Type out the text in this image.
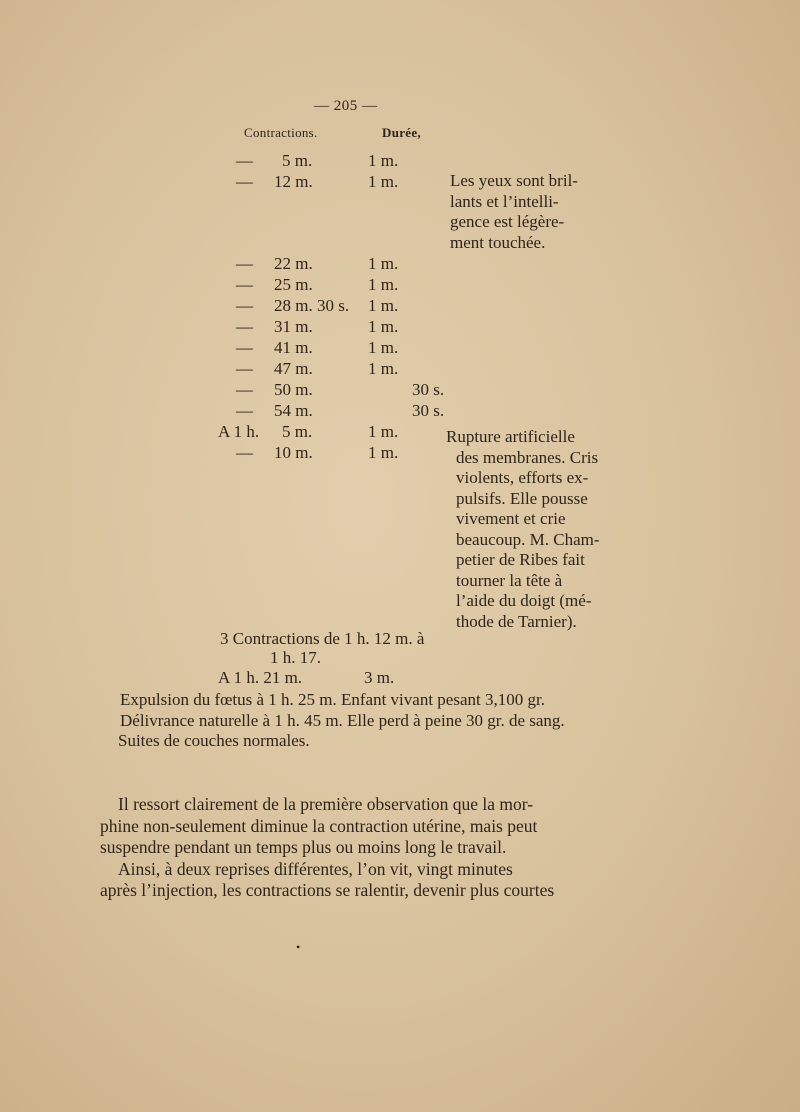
— 205 —
Contractions.	Durée,
— 5 m.	1 m.
— 12 m.	1 m.
— 22 m.	1 m.
— 25 m.	1 m.
— 28 m. 30 s. 1 m.
— 31 m.	1 m.
— 41 m.	1 m.
— 47 m.	1 m.
— 50 m.	30 s.
— 54 m.	30 s.
A 1 h. 5 m.	1 m.
— 10 m.	1 m.
Les yeux sont bril-
lants et l’intelli-
gence est légère-
ment touchée.
Rupture artificielle
des membranes. Cris
violents, efforts ex-
pulsifs. Elle pousse
vivement et crie
beaucoup. M. Cham-
petier de Ribes fait
tourner la tête à
l’aide du doigt (mé-
thode de Tarnier).
3 Contractions de 1 h. 12 m. à
1 h. 17.
A 1 h. 21 m.	3 m.
Expulsion du fœtus à 1 h. 25 m. Enfant vivant pesant 3,100 gr.
Délivrance naturelle à 1 h. 45 m. Elle perd à peine 30 gr. de sang.
Suites de couches normales.
Il ressort clairement de la première observation que la mor-
phine non-seulement diminue la contraction utérine, mais peut
suspendre pendant un temps plus ou moins long le travail.
Ainsi, à deux reprises différentes, l’on vit, vingt minutes
après l’injection, les contractions se ralentir, devenir plus courtes
•
